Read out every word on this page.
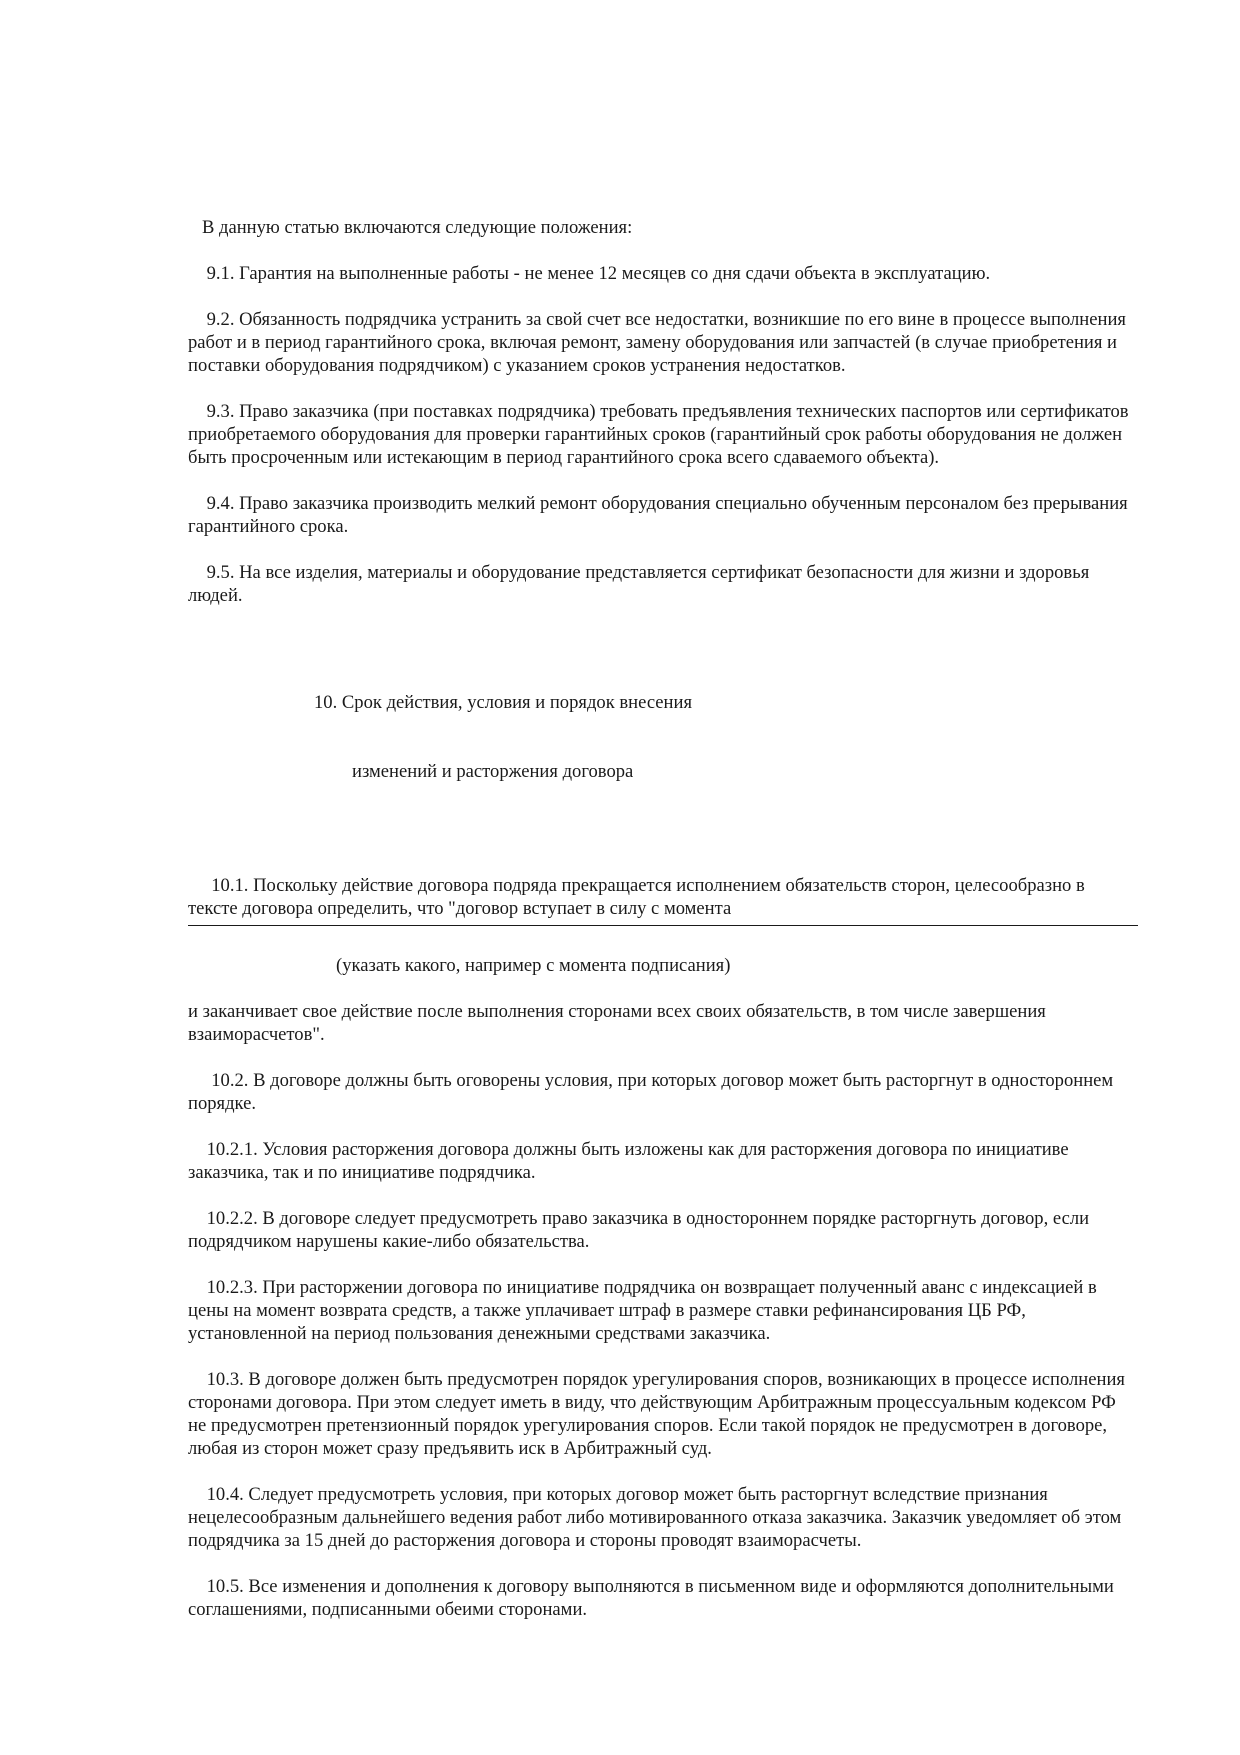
В данную статью включаются следующие положения:

9.1. Гарантия на выполненные работы - не менее 12 месяцев со дня сдачи объекта в эксплуатацию.

9.2. Обязанность подрядчика устранить за свой счет все недостатки, возникшие по его вине в процессе выполнения работ и в период гарантийного срока, включая ремонт, замену оборудования или запчастей (в случае приобретения и поставки оборудования подрядчиком) с указанием сроков устранения недостатков.

9.3. Право заказчика (при поставках подрядчика) требовать предъявления технических паспортов или сертификатов приобретаемого оборудования для проверки гарантийных сроков (гарантийный срок работы оборудования не должен быть просроченным или истекающим в период гарантийного срока всего сдаваемого объекта).

9.4. Право заказчика производить мелкий ремонт оборудования специально обученным персоналом без прерывания гарантийного срока.

9.5. На все изделия, материалы и оборудование представляется сертификат безопасности для жизни и здоровья людей.

10. Срок действия, условия и порядок внесения

изменений и расторжения договора

10.1. Поскольку действие договора подряда прекращается исполнением обязательств сторон, целесообразно в тексте договора определить, что "договор вступает в силу с момента

(указать какого, например с момента подписания)

и заканчивает свое действие после выполнения сторонами всех своих обязательств, в том числе завершения взаиморасчетов".

10.2. В договоре должны быть оговорены условия, при которых договор может быть расторгнут в одностороннем порядке.

10.2.1. Условия расторжения договора должны быть изложены как для расторжения договора по инициативе заказчика, так и по инициативе подрядчика.

10.2.2. В договоре следует предусмотреть право заказчика в одностороннем порядке расторгнуть договор, если подрядчиком нарушены какие-либо обязательства.

10.2.3. При расторжении договора по инициативе подрядчика он возвращает полученный аванс с индексацией в цены на момент возврата средств, а также уплачивает штраф в размере ставки рефинансирования ЦБ РФ, установленной на период пользования денежными средствами заказчика.

10.3. В договоре должен быть предусмотрен порядок урегулирования споров, возникающих в процессе исполнения сторонами договора. При этом следует иметь в виду, что действующим Арбитражным процессуальным кодексом РФ не предусмотрен претензионный порядок урегулирования споров. Если такой порядок не предусмотрен в договоре, любая из сторон может сразу предъявить иск в Арбитражный суд.

10.4. Следует предусмотреть условия, при которых договор может быть расторгнут вследствие признания нецелесообразным дальнейшего ведения работ либо мотивированного отказа заказчика. Заказчик уведомляет об этом подрядчика за 15 дней до расторжения договора и стороны проводят взаиморасчеты.

10.5. Все изменения и дополнения к договору выполняются в письменном виде и оформляются дополнительными соглашениями, подписанными обеими сторонами.
